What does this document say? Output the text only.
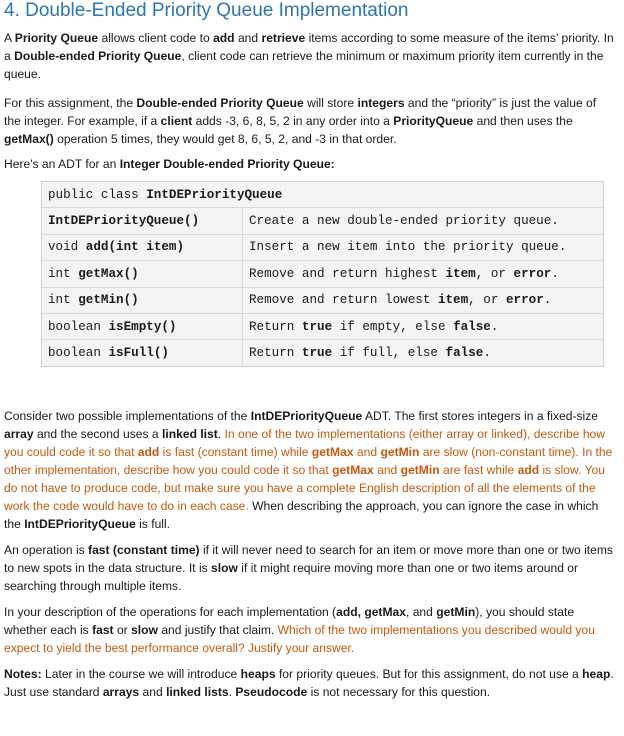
4. Double-Ended Priority Queue Implementation

A Priority Queue allows client code to add and retrieve items according to some measure of the items’ priority. In a Double-ended Priority Queue, client code can retrieve the minimum or maximum priority item currently in the queue.

For this assignment, the Double-ended Priority Queue will store integers and the “priority” is just the value of the integer. For example, if a client adds -3, 6, 8, 5, 2 in any order into a PriorityQueue and then uses the getMax() operation 5 times, they would get 8, 6, 5, 2, and -3 in that order.

Here's an ADT for an Integer Double-ended Priority Queue:

public class IntDEPriorityQueue	
IntDEPriorityQueue()	Create a new double-ended priority queue.
void add(int item)	Insert a new item into the priority queue.
int getMax()	Remove and return highest item, or error.
int getMin()	Remove and return lowest item, or error.
boolean isEmpty()	Return true if empty, else false.
boolean isFull()	Return true if full, else false.

Consider two possible implementations of the IntDEPriorityQueue ADT. The first stores integers in a fixed-size array and the second uses a linked list. In one of the two implementations (either array or linked), describe how you could code it so that add is fast (constant time) while getMax and getMin are slow (non-constant time). In the other implementation, describe how you could code it so that getMax and getMin are fast while add is slow. You do not have to produce code, but make sure you have a complete English description of all the elements of the work the code would have to do in each case. When describing the approach, you can ignore the case in which the IntDEPriorityQueue is full.

An operation is fast (constant time) if it will never need to search for an item or move more than one or two items to new spots in the data structure. It is slow if it might require moving more than one or two items around or searching through multiple items.

In your description of the operations for each implementation (add, getMax, and getMin), you should state whether each is fast or slow and justify that claim. Which of the two implementations you described would you expect to yield the best performance overall? Justify your answer.

Notes: Later in the course we will introduce heaps for priority queues. But for this assignment, do not use a heap. Just use standard arrays and linked lists. Pseudocode is not necessary for this question.
